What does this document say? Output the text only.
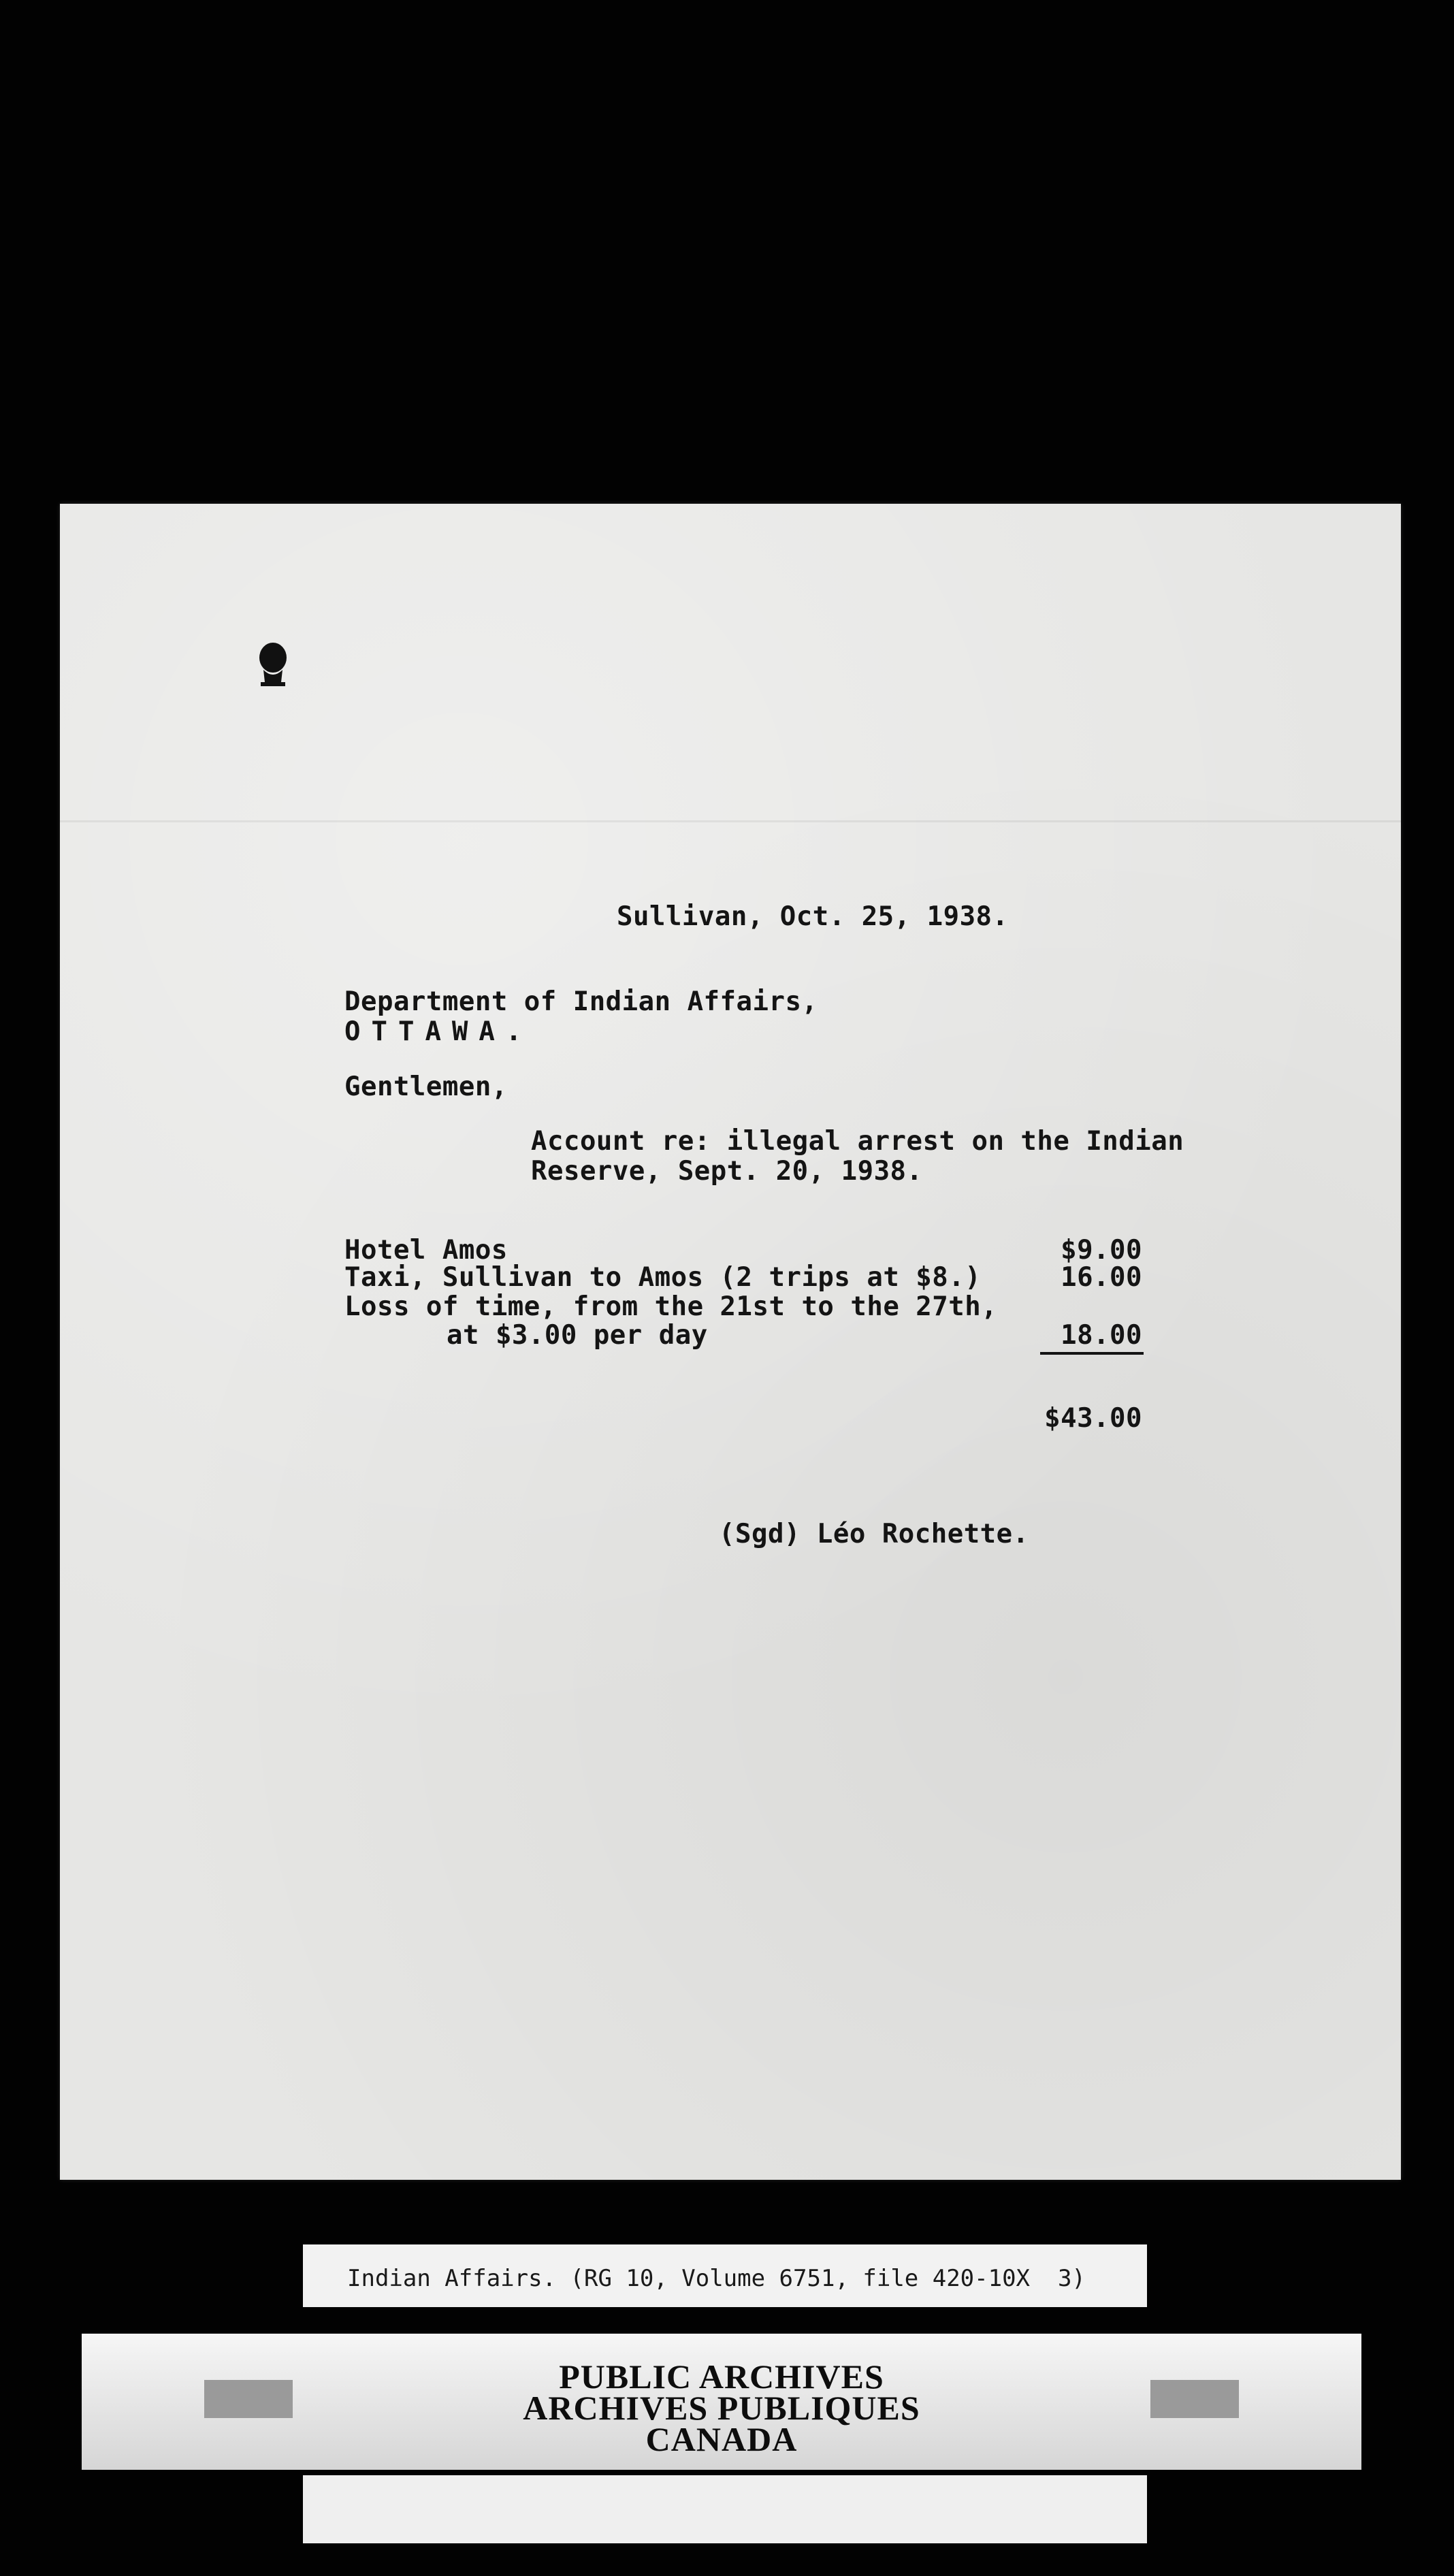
Sullivan, Oct. 25, 1938.

Department of Indian Affairs,

OTTAWA.

Gentlemen,

Account re: illegal arrest on the Indian

Reserve, Sept. 20, 1938.

Hotel Amos	$9.00

Taxi, Sullivan to Amos (2 trips at $8.)	16.00

Loss of time, from the 21st to the 27th,

at $3.00 per day	18.00

$43.00

(Sgd) Léo Rochette.

Indian Affairs. (RG 10, Volume 6751, file 420-10X  3)
PUBLIC ARCHIVES
ARCHIVES PUBLIQUES
CANADA
